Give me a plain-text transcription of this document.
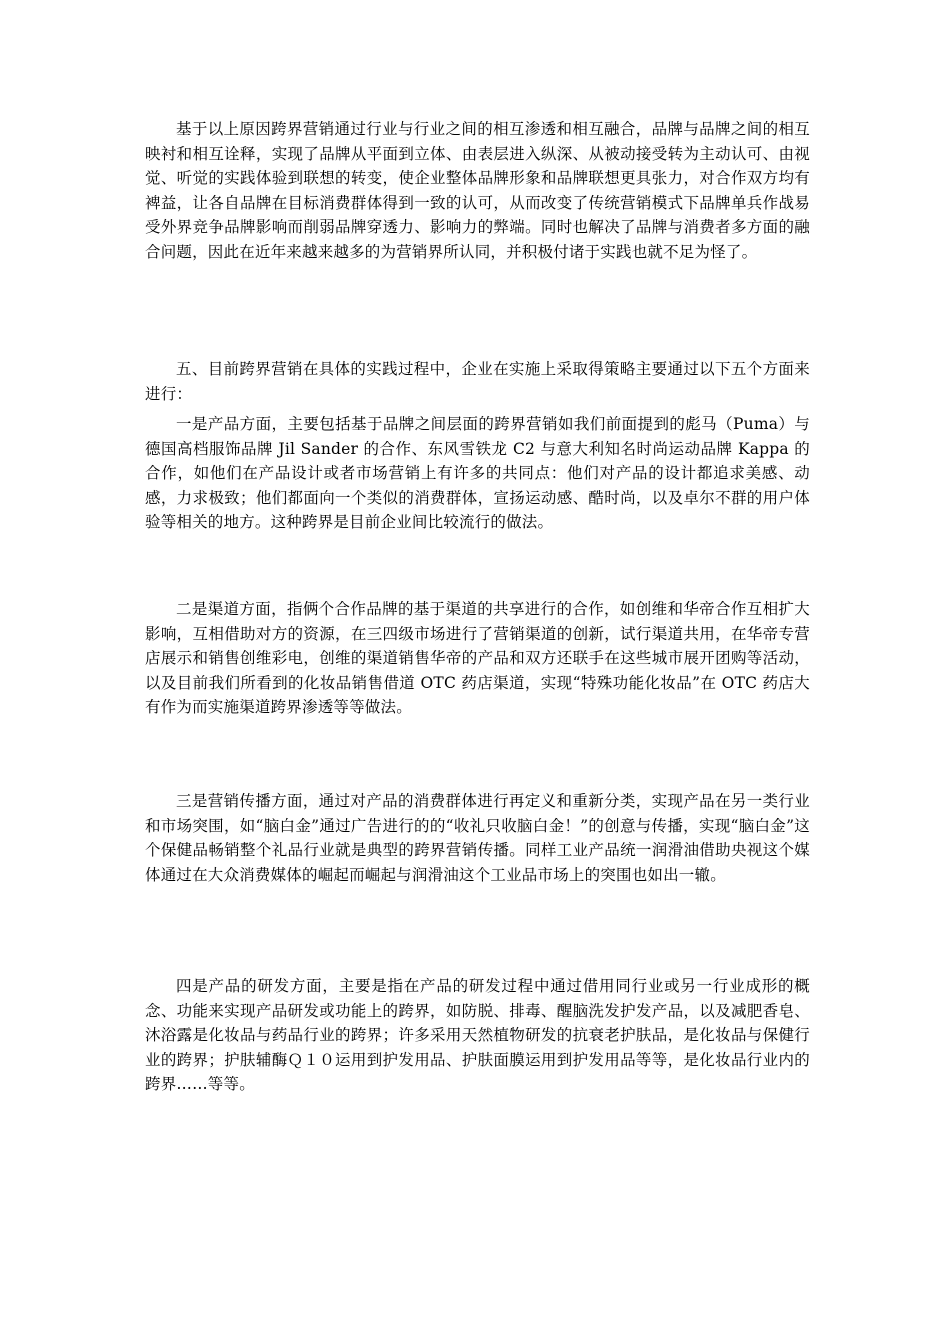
基于以上原因跨界营销通过行业与行业之间的相互渗透和相互融合，品牌与品牌之间的相互映衬和相互诠释，实现了品牌从平面到立体、由表层进入纵深、从被动接受转为主动认可、由视觉、听觉的实践体验到联想的转变，使企业整体品牌形象和品牌联想更具张力，对合作双方均有裨益，让各自品牌在目标消费群体得到一致的认可，从而改变了传统营销模式下品牌单兵作战易受外界竞争品牌影响而削弱品牌穿透力、影响力的弊端。同时也解决了品牌与消费者多方面的融合问题，因此在近年来越来越多的为营销界所认同，并积极付诸于实践也就不足为怪了。

五、目前跨界营销在具体的实践过程中，企业在实施上采取得策略主要通过以下五个方面来进行：

一是产品方面，主要包括基于品牌之间层面的跨界营销如我们前面提到的彪马（Puma）与德国高档服饰品牌 Jil Sander 的合作、东风雪铁龙 C2 与意大利知名时尚运动品牌 Kappa 的合作，如他们在产品设计或者市场营销上有许多的共同点：他们对产品的设计都追求美感、动感，力求极致；他们都面向一个类似的消费群体，宣扬运动感、酷时尚，以及卓尔不群的用户体验等相关的地方。这种跨界是目前企业间比较流行的做法。

二是渠道方面，指俩个合作品牌的基于渠道的共享进行的合作，如创维和华帝合作互相扩大影响，互相借助对方的资源，在三四级市场进行了营销渠道的创新，试行渠道共用，在华帝专营店展示和销售创维彩电，创维的渠道销售华帝的产品和双方还联手在这些城市展开团购等活动，以及目前我们所看到的化妆品销售借道 OTC 药店渠道，实现“特殊功能化妆品”在 OTC 药店大有作为而实施渠道跨界渗透等等做法。

三是营销传播方面，通过对产品的消费群体进行再定义和重新分类，实现产品在另一类行业和市场突围，如“脑白金”通过广告进行的的“收礼只收脑白金！”的创意与传播，实现“脑白金”这个保健品畅销整个礼品行业就是典型的跨界营销传播。同样工业产品统一润滑油借助央视这个媒体通过在大众消费媒体的崛起而崛起与润滑油这个工业品市场上的突围也如出一辙。

四是产品的研发方面，主要是指在产品的研发过程中通过借用同行业或另一行业成形的概念、功能来实现产品研发或功能上的跨界，如防脱、排毒、醒脑洗发护发产品，以及减肥香皂、沐浴露是化妆品与药品行业的跨界；许多采用天然植物研发的抗衰老护肤品，是化妆品与保健行业的跨界；护肤辅酶Ｑ１０运用到护发用品、护肤面膜运用到护发用品等等，是化妆品行业内的跨界……等等。
